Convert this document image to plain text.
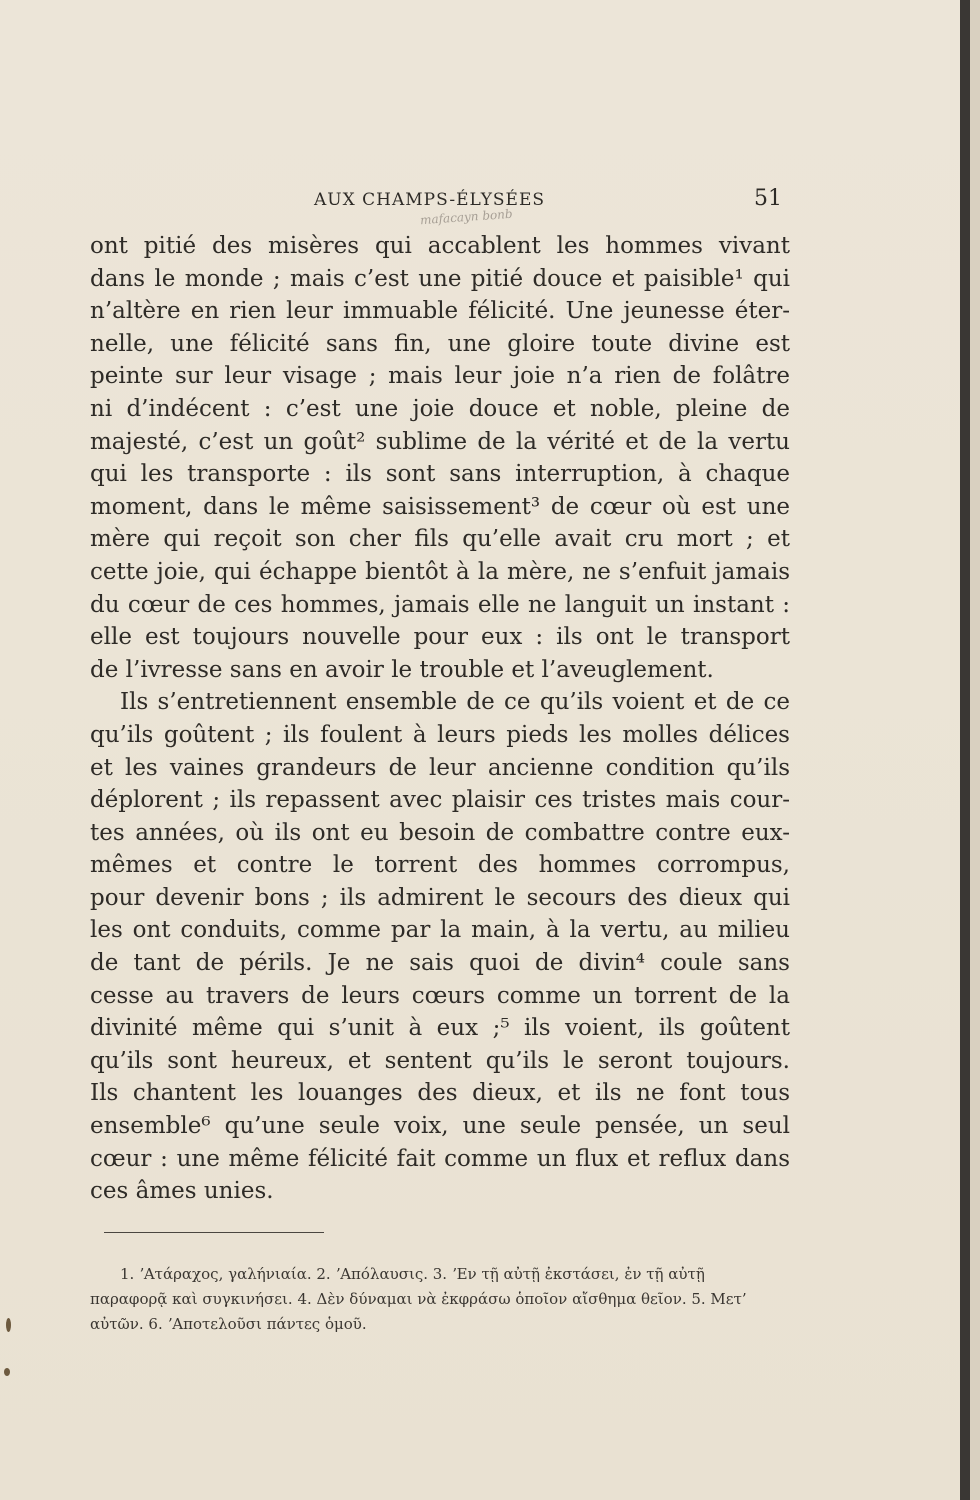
AUX CHAMPS-ÉLYSÉES	51
mafacayn bonb
ont pitié des misères qui accablent les hommes vivant
dans le monde ; mais c’est une pitié douce et paisible¹ qui
n’altère en rien leur immuable félicité. Une jeunesse éter-
nelle, une félicité sans fin, une gloire toute divine est
peinte sur leur visage ; mais leur joie n’a rien de folâtre
ni d’indécent : c’est une joie douce et noble, pleine de
majesté, c’est un goût² sublime de la vérité et de la vertu
qui les transporte : ils sont sans interruption, à chaque
moment, dans le même saisissement³ de cœur où est une
mère qui reçoit son cher fils qu’elle avait cru mort ; et
cette joie, qui échappe bientôt à la mère, ne s’enfuit jamais
du cœur de ces hommes, jamais elle ne languit un instant :
elle est toujours nouvelle pour eux : ils ont le transport
de l’ivresse sans en avoir le trouble et l’aveuglement.
Ils s’entretiennent ensemble de ce qu’ils voient et de ce
qu’ils goûtent ; ils foulent à leurs pieds les molles délices
et les vaines grandeurs de leur ancienne condition qu’ils
déplorent ; ils repassent avec plaisir ces tristes mais cour-
tes années, où ils ont eu besoin de combattre contre eux-
mêmes et contre le torrent des hommes corrompus,
pour devenir bons ; ils admirent le secours des dieux qui
les ont conduits, comme par la main, à la vertu, au milieu
de tant de périls. Je ne sais quoi de divin⁴ coule sans
cesse au travers de leurs cœurs comme un torrent de la
divinité même qui s’unit à eux ;⁵ ils voient, ils goûtent
qu’ils sont heureux, et sentent qu’ils le seront toujours.
Ils chantent les louanges des dieux, et ils ne font tous
ensemble⁶ qu’une seule voix, une seule pensée, un seul
cœur : une même félicité fait comme un flux et reflux dans
ces âmes unies.
1. ʼΑτάραχος, γαλήνιαία. 2. ʼΑπόλαυσις. 3. ʼΕν τῇ αὐτῇ ἐκστάσει, ἐν τῇ αὐτῇ
παραφορᾷ καὶ συγκινήσει. 4. Δὲν δύναμαι νὰ ἐκφράσω ὁποῖον αἴσθημα θεῖον. 5. Μετ’
αὐτῶν. 6. ʼΑποτελοῦσι πάντες ὁμοῦ.
